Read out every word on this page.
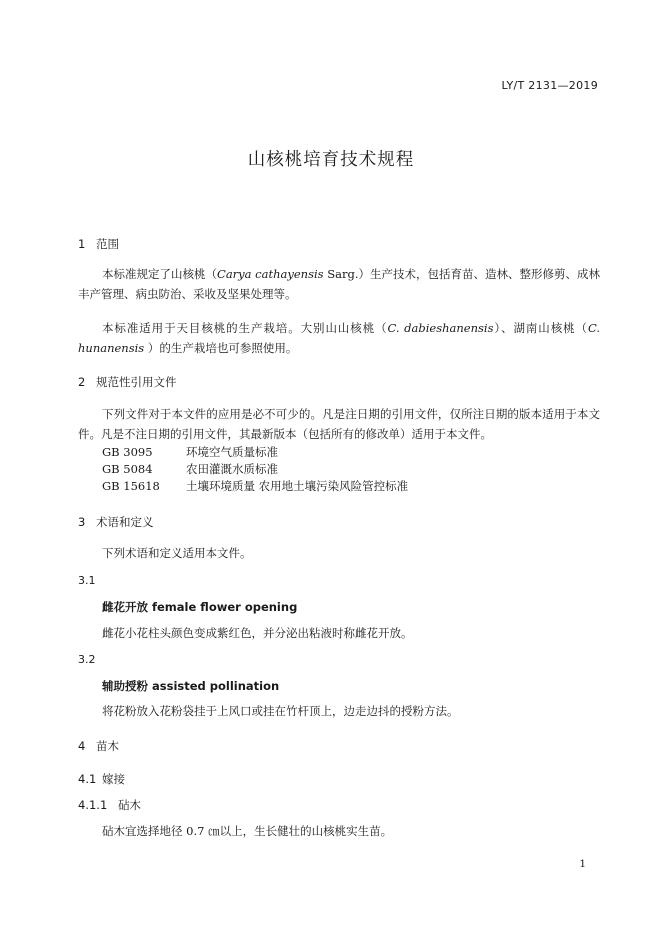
LY/T 2131—2019
山核桃培育技术规程
1 范围
本标准规定了山核桃（Carya cathayensis Sarg.）生产技术，包括育苗、造林、整形修剪、成林丰产管理、病虫防治、采收及坚果处理等。
本标准适用于天目核桃的生产栽培。大别山山核桃（C. dabieshanensis）、湖南山核桃（C. hunanensis ）的生产栽培也可参照使用。
2 规范性引用文件
下列文件对于本文件的应用是必不可少的。凡是注日期的引用文件，仅所注日期的版本适用于本文件。凡是不注日期的引用文件，其最新版本（包括所有的修改单）适用于本文件。
GB 3095	环境空气质量标准
GB 5084	农田灌溉水质标准
GB 15618 土壤环境质量 农用地土壤污染风险管控标准
3 术语和定义
下列术语和定义适用本文件。
3.1
雌花开放 female flower opening
雌花小花柱头颜色变成紫红色，并分泌出粘液时称雌花开放。
3.2
辅助授粉 assisted pollination
将花粉放入花粉袋挂于上风口或挂在竹杆顶上，边走边抖的授粉方法。
4 苗木
4.1 嫁接
4.1.1 砧木
砧木宜选择地径 0.7 ㎝以上，生长健壮的山核桃实生苗。
1
